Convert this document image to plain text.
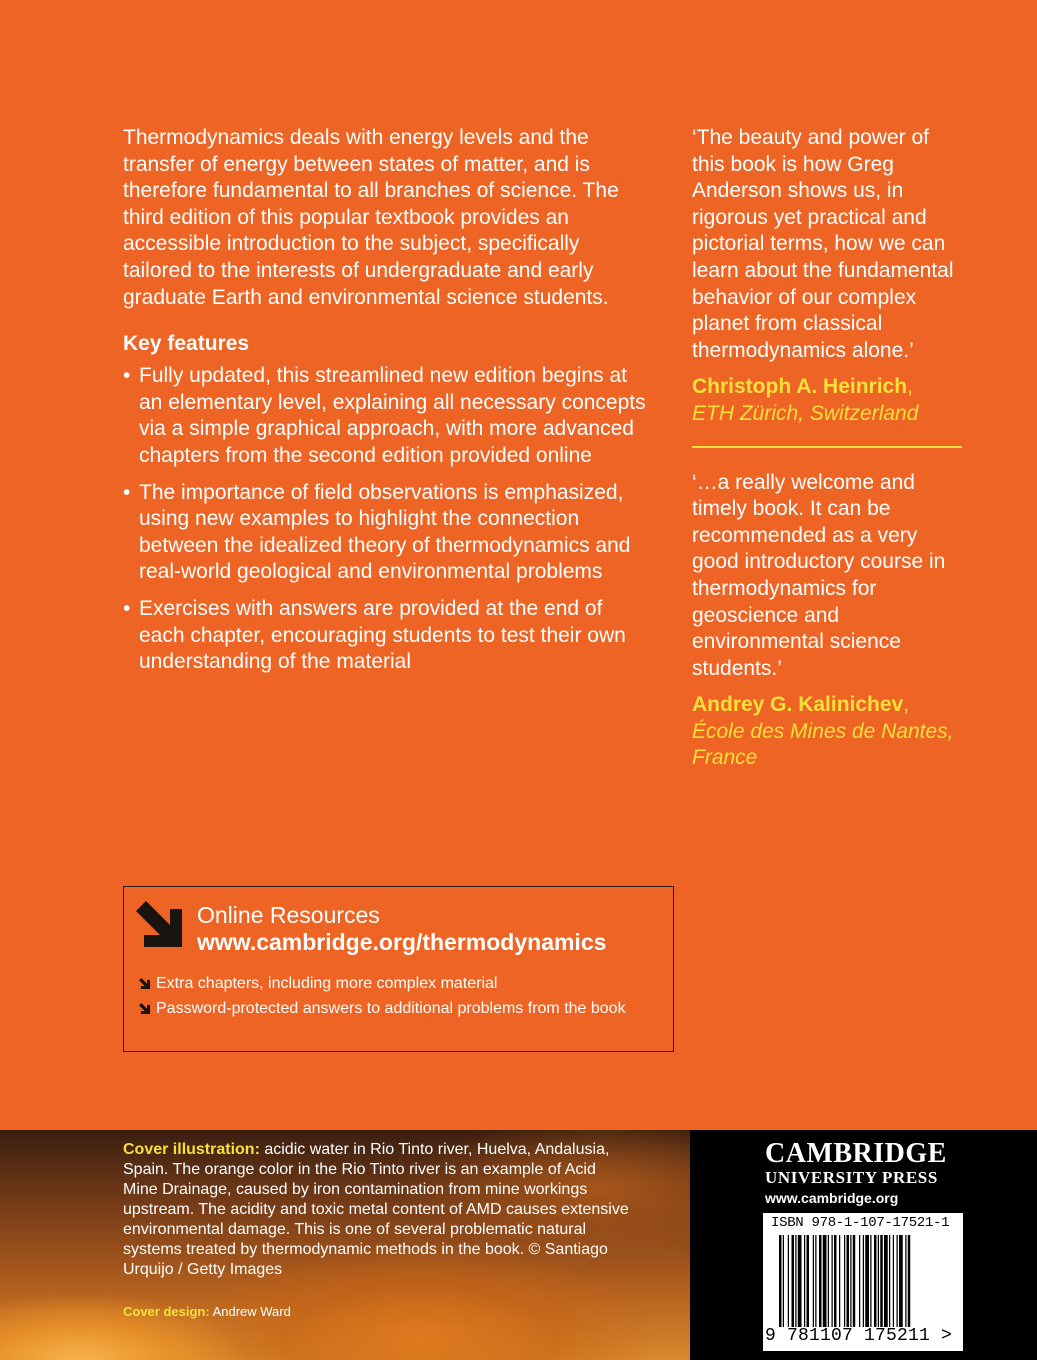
Thermodynamics deals with energy levels and the transfer of energy between states of matter, and is therefore fundamental to all branches of science. The third edition of this popular textbook provides an accessible introduction to the subject, specifically tailored to the interests of undergraduate and early graduate Earth and environmental science students.

Key features
• Fully updated, this streamlined new edition begins at an elementary level, explaining all necessary concepts via a simple graphical approach, with more advanced chapters from the second edition provided online
• The importance of field observations is emphasized, using new examples to highlight the connection between the idealized theory of thermodynamics and real-world geological and environmental problems
• Exercises with answers are provided at the end of each chapter, encouraging students to test their own understanding of the material

‘The beauty and power of this book is how Greg Anderson shows us, in rigorous yet practical and pictorial terms, how we can learn about the fundamental behavior of our complex planet from classical thermodynamics alone.’

Christoph A. Heinrich,
ETH Zürich, Switzerland

‘…a really welcome and timely book. It can be recommended as a very good introductory course in thermodynamics for geoscience and environmental science students.’

Andrey G. Kalinichev,
École des Mines de Nantes, France
Online Resources
www.cambridge.org/thermodynamics
Extra chapters, including more complex material
Password-protected answers to additional problems from the book
Cover illustration: acidic water in Rio Tinto river, Huelva, Andalusia, Spain. The orange color in the Rio Tinto river is an example of Acid Mine Drainage, caused by iron contamination from mine workings upstream. The acidity and toxic metal content of AMD causes extensive environmental damage. This is one of several problematic natural systems treated by thermodynamic methods in the book. © Santiago Urquijo / Getty Images
Cover design: Andrew Ward
CAMBRIDGE
UNIVERSITY PRESS
www.cambridge.org
ISBN 978-1-107-17521-1
9 781107 175211 >
